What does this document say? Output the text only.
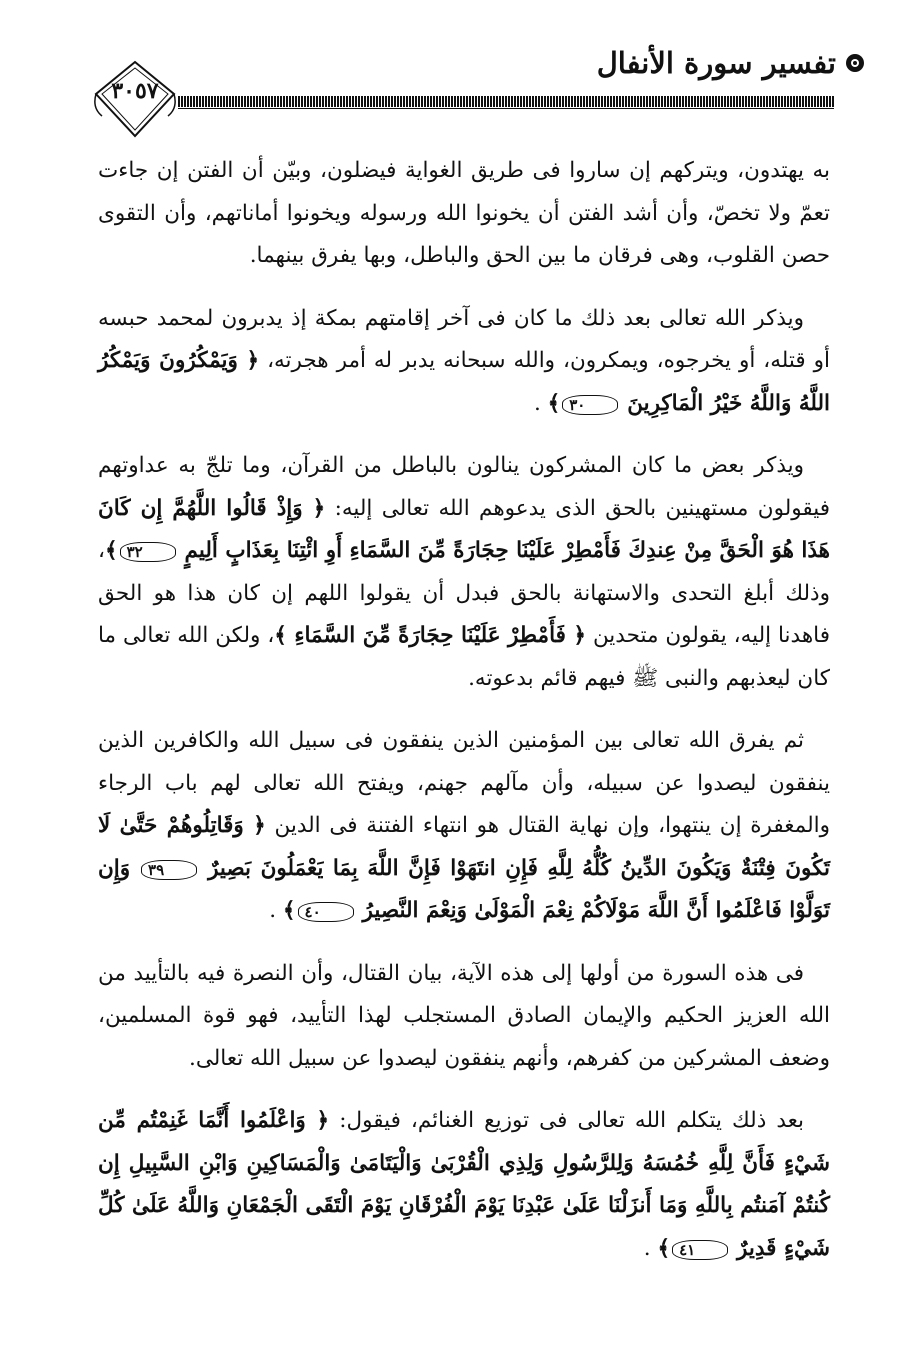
تفسير سورة الأنفال
٣٠٥٧

به يهتدون، ويتركهم إن ساروا فى طريق الغواية فيضلون، وبيّن أن الفتن إن جاءت تعمّ ولا تخصّ، وأن أشد الفتن أن يخونوا الله ورسوله ويخونوا أماناتهم، وأن التقوى حصن القلوب، وهى فرقان ما بين الحق والباطل، وبها يفرق بينهما.

ويذكر الله تعالى بعد ذلك ما كان فى آخر إقامتهم بمكة إذ يدبرون لمحمد حبسه أو قتله، أو يخرجوه، ويمكرون، والله سبحانه يدبر له أمر هجرته، ﴿ وَيَمْكُرُونَ وَيَمْكُرُ اللَّهُ وَاللَّهُ خَيْرُ الْمَاكِرِينَ ٣٠﴾ .

ويذكر بعض ما كان المشركون ينالون بالباطل من القرآن، وما تلجّ به عداوتهم فيقولون مستهينين بالحق الذى يدعوهم الله تعالى إليه: ﴿ وَإِذْ قَالُوا اللَّهُمَّ إِن كَانَ هَذَا هُوَ الْحَقَّ مِنْ عِندِكَ فَأَمْطِرْ عَلَيْنَا حِجَارَةً مِّنَ السَّمَاءِ أَوِ ائْتِنَا بِعَذَابٍ أَلِيمٍ ٣٢﴾، وذلك أبلغ التحدى والاستهانة بالحق فبدل أن يقولوا اللهم إن كان هذا هو الحق فاهدنا إليه، يقولون متحدين ﴿ فَأَمْطِرْ عَلَيْنَا حِجَارَةً مِّنَ السَّمَاءِ ﴾، ولكن الله تعالى ما كان ليعذبهم والنبى ﷺ فيهم قائم بدعوته.

ثم يفرق الله تعالى بين المؤمنين الذين ينفقون فى سبيل الله والكافرين الذين ينفقون ليصدوا عن سبيله، وأن مآلهم جهنم، ويفتح الله تعالى لهم باب الرجاء والمغفرة إن ينتهوا، وإن نهاية القتال هو انتهاء الفتنة فى الدين ﴿ وَقَاتِلُوهُمْ حَتَّىٰ لَا تَكُونَ فِتْنَةٌ وَيَكُونَ الدِّينُ كُلُّهُ لِلَّهِ فَإِنِ انتَهَوْا فَإِنَّ اللَّهَ بِمَا يَعْمَلُونَ بَصِيرٌ ٣٩ وَإِن تَوَلَّوْا فَاعْلَمُوا أَنَّ اللَّهَ مَوْلَاكُمْ نِعْمَ الْمَوْلَىٰ وَنِعْمَ النَّصِيرُ ٤٠﴾ .

فى هذه السورة من أولها إلى هذه الآية، بيان القتال، وأن النصرة فيه بالتأييد من الله العزيز الحكيم والإيمان الصادق المستجلب لهذا التأييد، فهو قوة المسلمين، وضعف المشركين من كفرهم، وأنهم ينفقون ليصدوا عن سبيل الله تعالى.

بعد ذلك يتكلم الله تعالى فى توزيع الغنائم، فيقول: ﴿ وَاعْلَمُوا أَنَّمَا غَنِمْتُم مِّن شَيْءٍ فَأَنَّ لِلَّهِ خُمُسَهُ وَلِلرَّسُولِ وَلِذِي الْقُرْبَىٰ وَالْيَتَامَىٰ وَالْمَسَاكِينِ وَابْنِ السَّبِيلِ إِن كُنتُمْ آمَنتُم بِاللَّهِ وَمَا أَنزَلْنَا عَلَىٰ عَبْدِنَا يَوْمَ الْفُرْقَانِ يَوْمَ الْتَقَى الْجَمْعَانِ وَاللَّهُ عَلَىٰ كُلِّ شَيْءٍ قَدِيرٌ ٤١﴾ .
